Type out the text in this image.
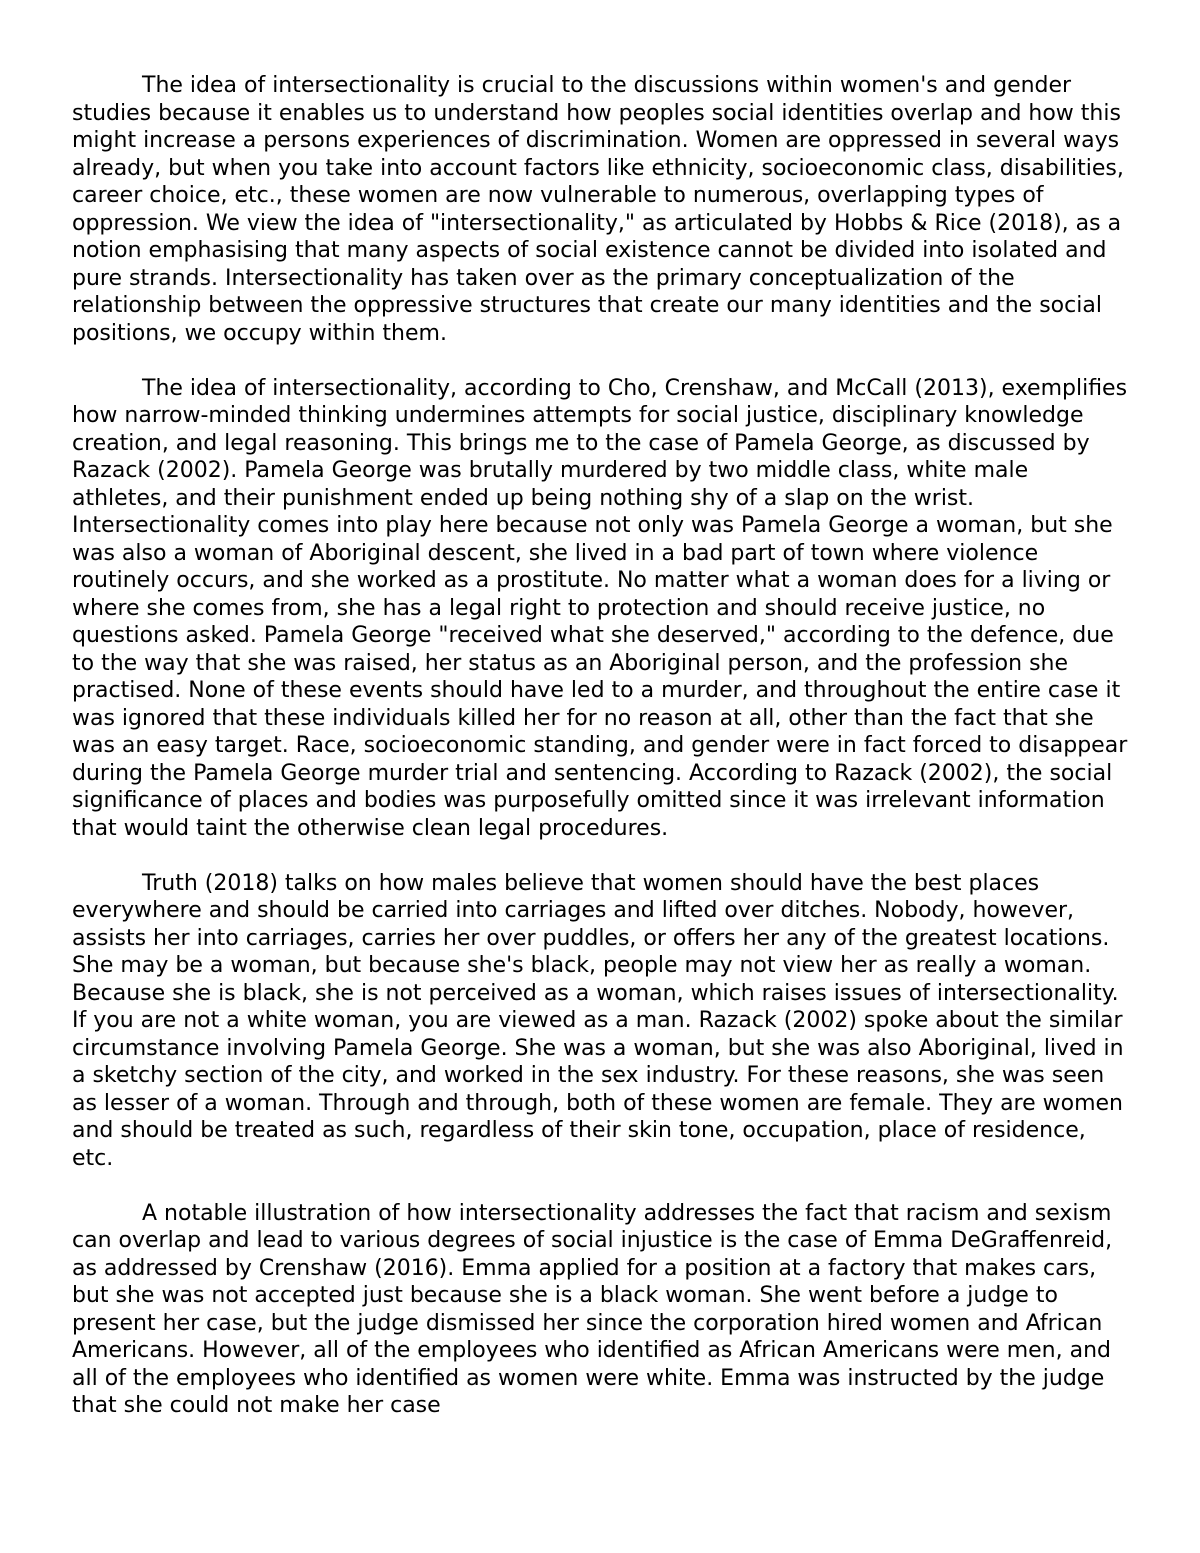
The idea of intersectionality is crucial to the discussions within women's and gender studies because it enables us to understand how peoples social identities overlap and how this might increase a persons experiences of discrimination. Women are oppressed in several ways already, but when you take into account factors like ethnicity, socioeconomic class, disabilities, career choice, etc., these women are now vulnerable to numerous, overlapping types of oppression. We view the idea of "intersectionality," as articulated by Hobbs & Rice (2018), as a notion emphasising that many aspects of social existence cannot be divided into isolated and pure strands. Intersectionality has taken over as the primary conceptualization of the relationship between the oppressive structures that create our many identities and the social positions, we occupy within them.

The idea of intersectionality, according to Cho, Crenshaw, and McCall (2013), exemplifies how narrow-minded thinking undermines attempts for social justice, disciplinary knowledge creation, and legal reasoning. This brings me to the case of Pamela George, as discussed by Razack (2002). Pamela George was brutally murdered by two middle class, white male athletes, and their punishment ended up being nothing shy of a slap on the wrist. Intersectionality comes into play here because not only was Pamela George a woman, but she was also a woman of Aboriginal descent, she lived in a bad part of town where violence routinely occurs, and she worked as a prostitute. No matter what a woman does for a living or where she comes from, she has a legal right to protection and should receive justice, no questions asked. Pamela George "received what she deserved," according to the defence, due to the way that she was raised, her status as an Aboriginal person, and the profession she practised. None of these events should have led to a murder, and throughout the entire case it was ignored that these individuals killed her for no reason at all, other than the fact that she was an easy target. Race, socioeconomic standing, and gender were in fact forced to disappear during the Pamela George murder trial and sentencing. According to Razack (2002), the social significance of places and bodies was purposefully omitted since it was irrelevant information that would taint the otherwise clean legal procedures.

Truth (2018) talks on how males believe that women should have the best places everywhere and should be carried into carriages and lifted over ditches. Nobody, however, assists her into carriages, carries her over puddles, or offers her any of the greatest locations. She may be a woman, but because she's black, people may not view her as really a woman. Because she is black, she is not perceived as a woman, which raises issues of intersectionality. If you are not a white woman, you are viewed as a man. Razack (2002) spoke about the similar circumstance involving Pamela George. She was a woman, but she was also Aboriginal, lived in a sketchy section of the city, and worked in the sex industry. For these reasons, she was seen as lesser of a woman. Through and through, both of these women are female. They are women and should be treated as such, regardless of their skin tone, occupation, place of residence, etc.

A notable illustration of how intersectionality addresses the fact that racism and sexism can overlap and lead to various degrees of social injustice is the case of Emma DeGraffenreid, as addressed by Crenshaw (2016). Emma applied for a position at a factory that makes cars, but she was not accepted just because she is a black woman. She went before a judge to present her case, but the judge dismissed her since the corporation hired women and African Americans. However, all of the employees who identified as African Americans were men, and all of the employees who identified as women were white. Emma was instructed by the judge that she could not make her case
